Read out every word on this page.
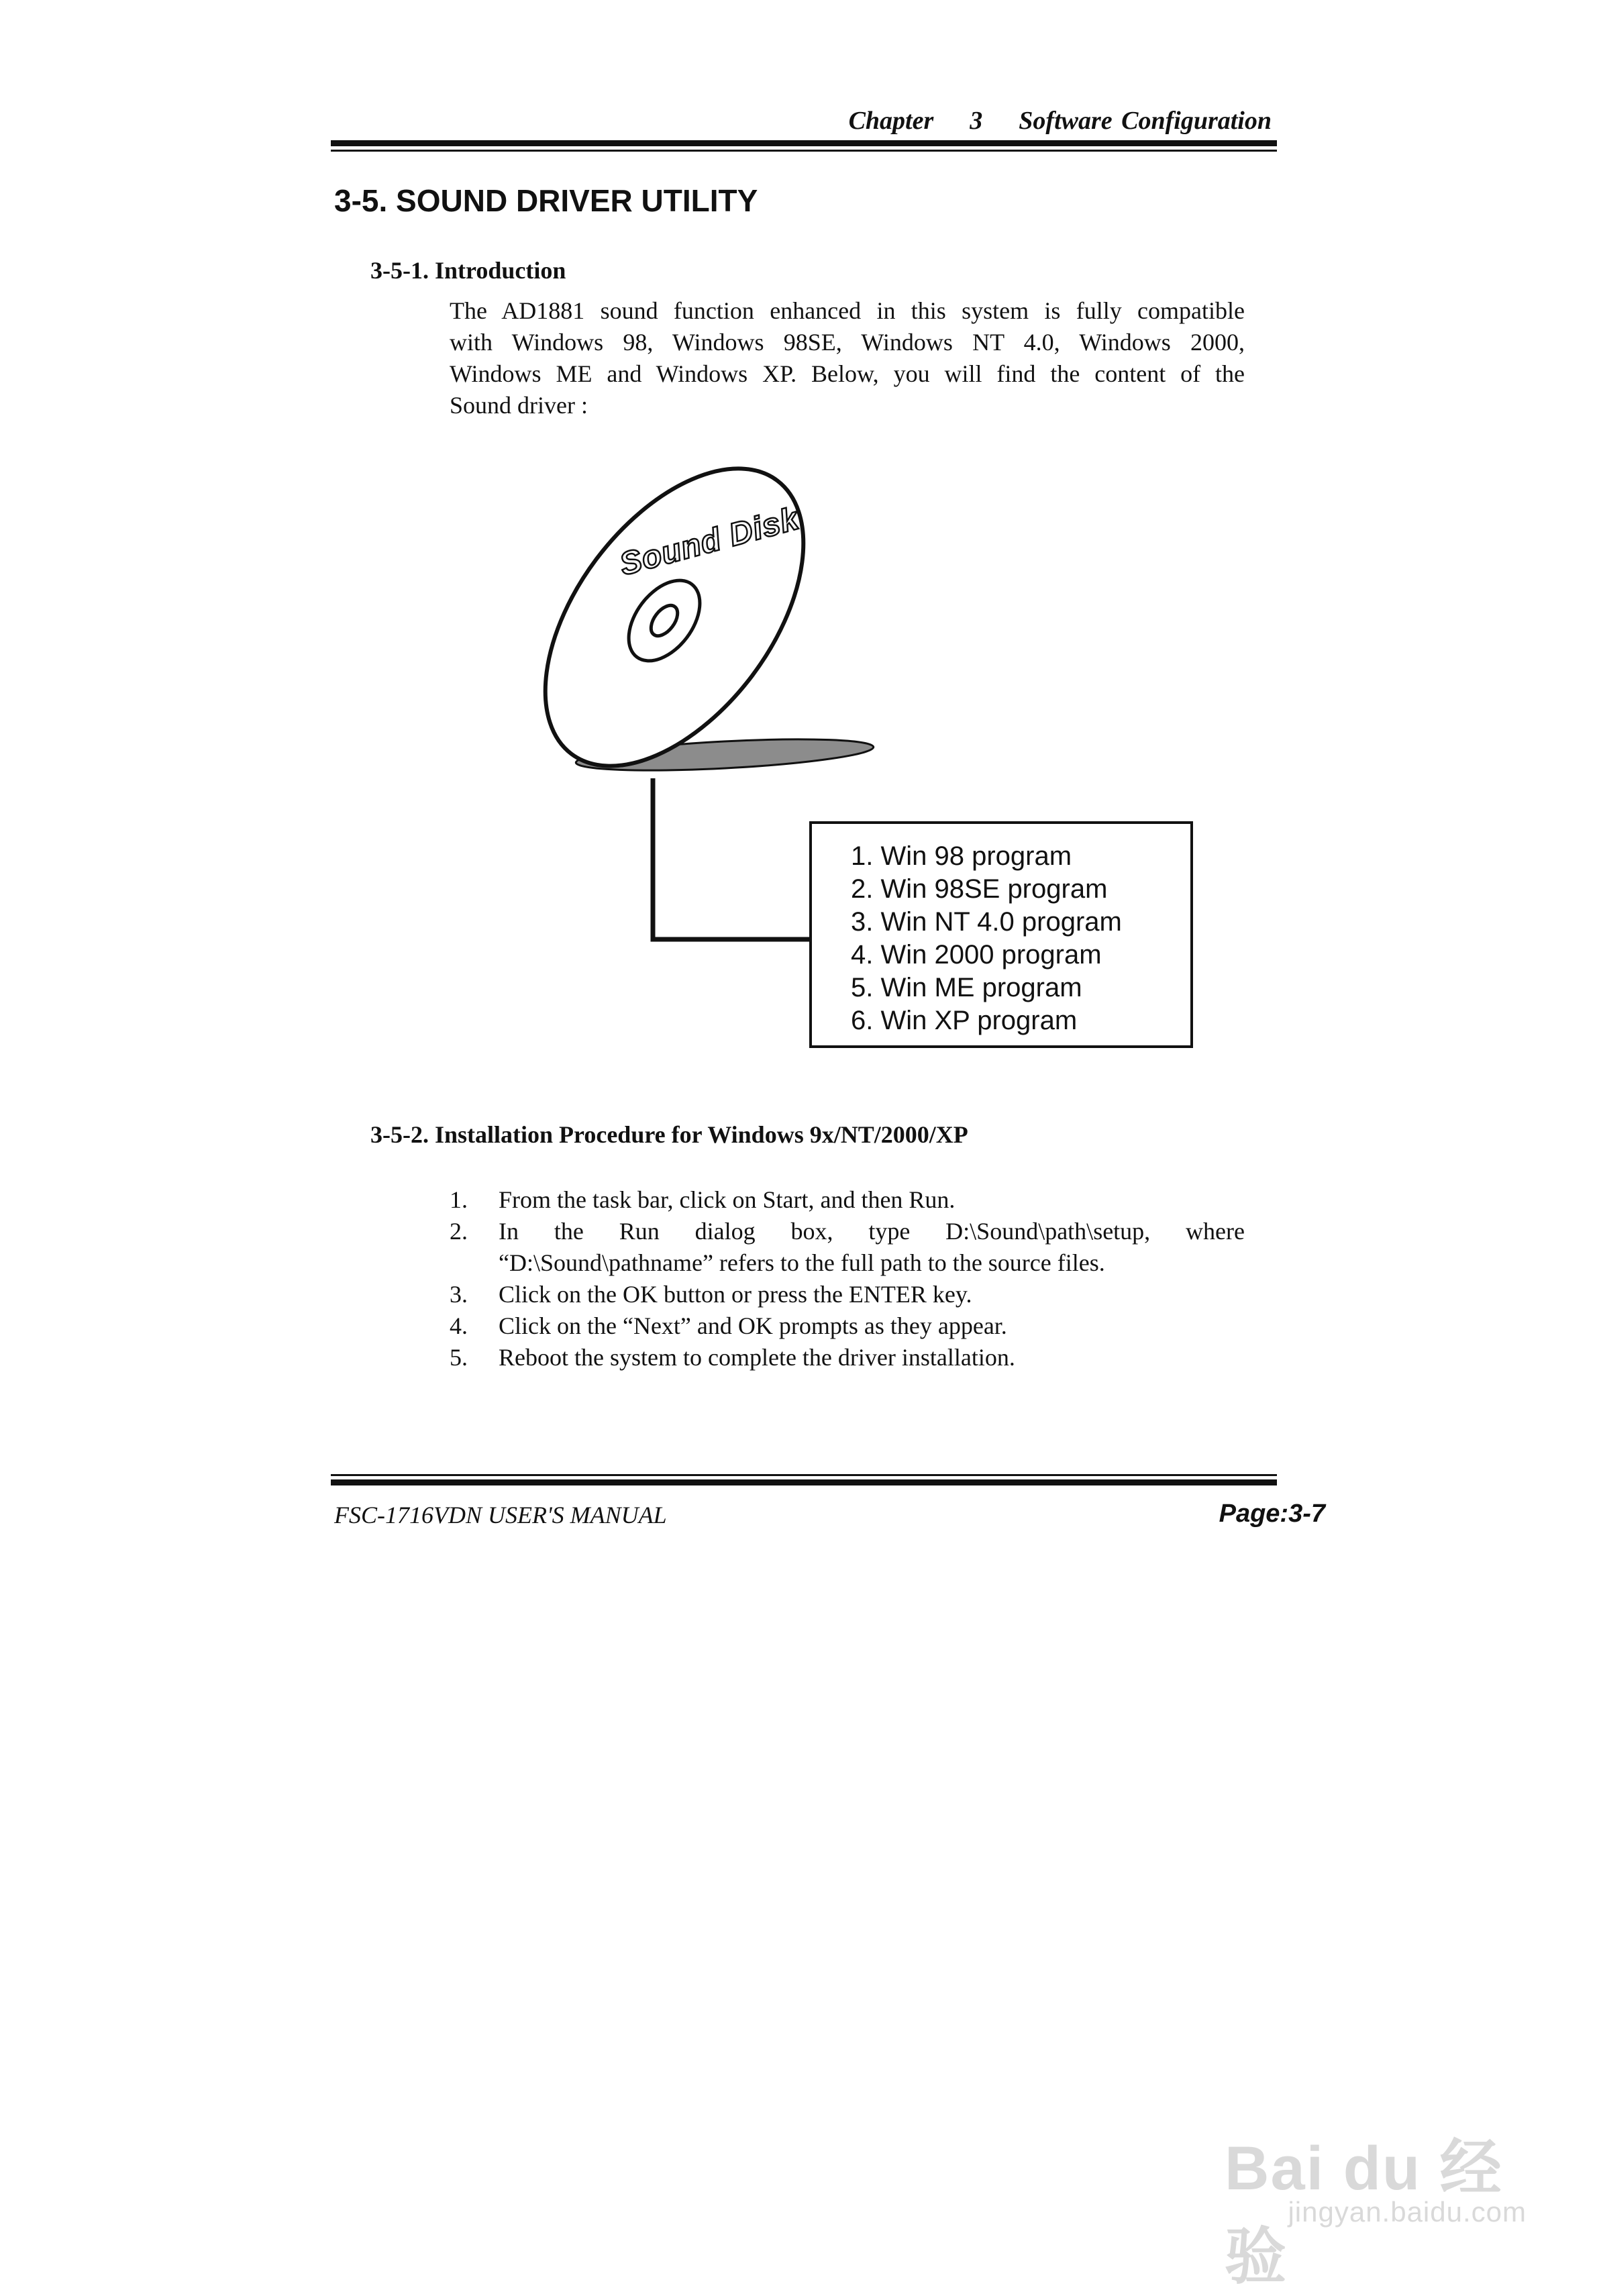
Chapter 3 Software Configuration
3-5. SOUND DRIVER UTILITY
3-5-1. Introduction
The AD1881 sound function enhanced in this system is fully compatible
with Windows 98, Windows 98SE, Windows NT 4.0, Windows 2000,
Windows ME and Windows XP. Below, you will find the content of the
Sound driver :
Sound Disk
1. Win 98 program
2. Win 98SE program
3. Win NT 4.0 program
4. Win 2000 program
5. Win ME program
6. Win XP program
3-5-2. Installation Procedure for Windows 9x/NT/2000/XP
1. From the task bar, click on Start, and then Run.
2. In the Run dialog box, type D:\Sound\path\setup, where
“D:\Sound\pathname” refers to the full path to the source files.
3. Click on the OK button or press the ENTER key.
4. Click on the “Next” and OK prompts as they appear.
5. Reboot the system to complete the driver installation.
FSC-1716VDN USER'S MANUAL	Page:3-7
Bai du 经验
jingyan.baidu.com
